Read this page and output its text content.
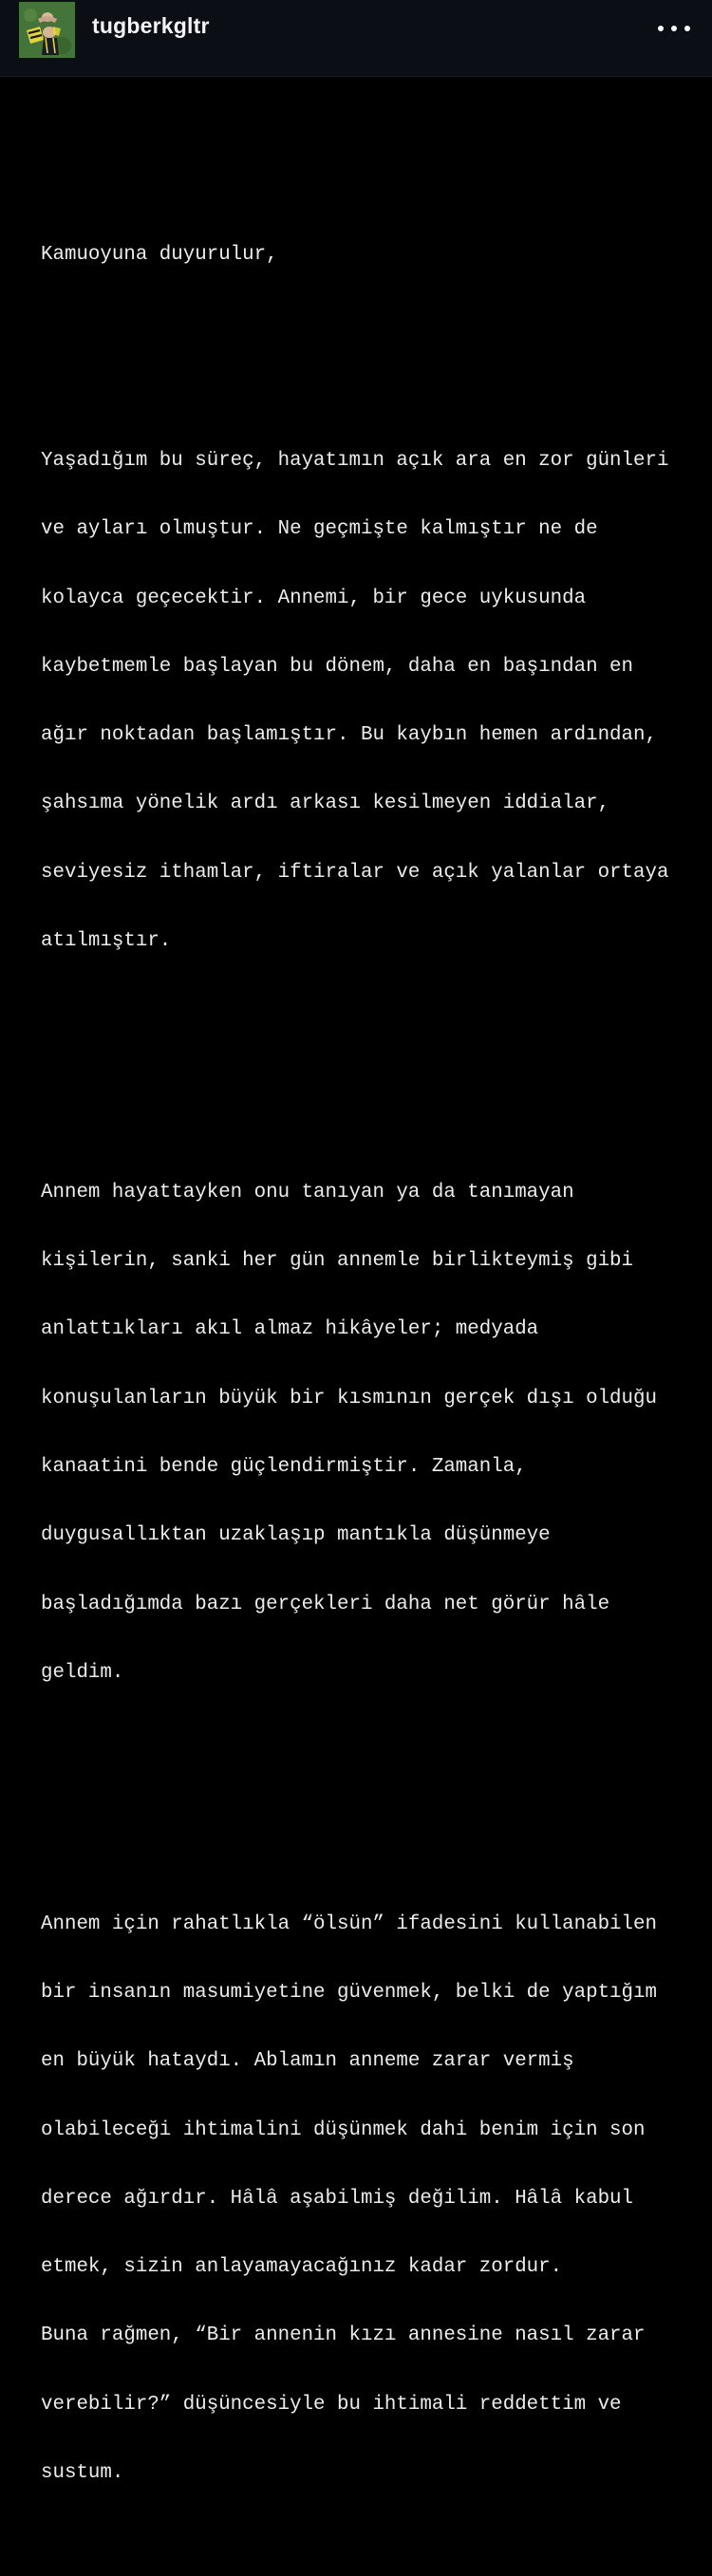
tugberkgltr

Kamuoyuna duyurulur,

Yaşadığım bu süreç, hayatımın açık ara en zor günleri

ve ayları olmuştur. Ne geçmişte kalmıştır ne de

kolayca geçecektir. Annemi, bir gece uykusunda

kaybetmemle başlayan bu dönem, daha en başından en

ağır noktadan başlamıştır. Bu kaybın hemen ardından,

şahsıma yönelik ardı arkası kesilmeyen iddialar,

seviyesiz ithamlar, iftiralar ve açık yalanlar ortaya

atılmıştır.

Annem hayattayken onu tanıyan ya da tanımayan

kişilerin, sanki her gün annemle birlikteymiş gibi

anlattıkları akıl almaz hikâyeler; medyada

konuşulanların büyük bir kısmının gerçek dışı olduğu

kanaatini bende güçlendirmiştir. Zamanla,

duygusallıktan uzaklaşıp mantıkla düşünmeye

başladığımda bazı gerçekleri daha net görür hâle

geldim.

Annem için rahatlıkla “ölsün” ifadesini kullanabilen

bir insanın masumiyetine güvenmek, belki de yaptığım

en büyük hataydı. Ablamın anneme zarar vermiş

olabileceği ihtimalini düşünmek dahi benim için son

derece ağırdır. Hâlâ aşabilmiş değilim. Hâlâ kabul

etmek, sizin anlayamayacağınız kadar zordur.

Buna rağmen, “Bir annenin kızı annesine nasıl zarar

verebilir?” düşüncesiyle bu ihtimali reddettim ve

sustum.
